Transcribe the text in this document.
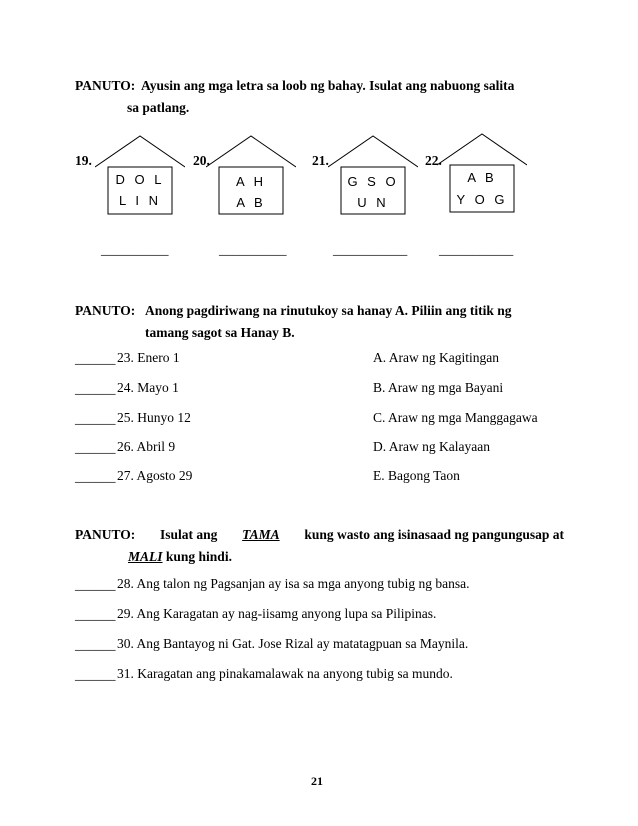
PANUTO: Ayusin ang mga letra sa loob ng bahay. Isulat ang nabuong salita
sa patlang.
19.
D O L
L I N
__________
20.
A H
A B
__________
21.
G S O
U N
___________
22.
A B
Y O G
___________
PANUTO: Anong pagdiriwang na rinutukoy sa hanay A. Piliin ang titik ng
tamang sagot sa Hanay B.
______ 23. Enero 1	A. Araw ng Kagitingan
______ 24. Mayo 1	B. Araw ng mga Bayani
______ 25. Hunyo 12	C. Araw ng mga Manggagawa
______ 26. Abril 9	D. Araw ng Kalayaan
______ 27. Agosto 29	E. Bagong Taon
PANUTO: Isulat ang TAMA kung wasto ang isinasaad ng pangungusap at
MALI kung hindi.
______ 28. Ang talon ng Pagsanjan ay isa sa mga anyong tubig ng bansa.
______ 29. Ang Karagatan ay nag-iisamg anyong lupa sa Pilipinas.
______ 30. Ang Bantayog ni Gat. Jose Rizal ay matatagpuan sa Maynila.
______ 31. Karagatan ang pinakamalawak na anyong tubig sa mundo.
21
